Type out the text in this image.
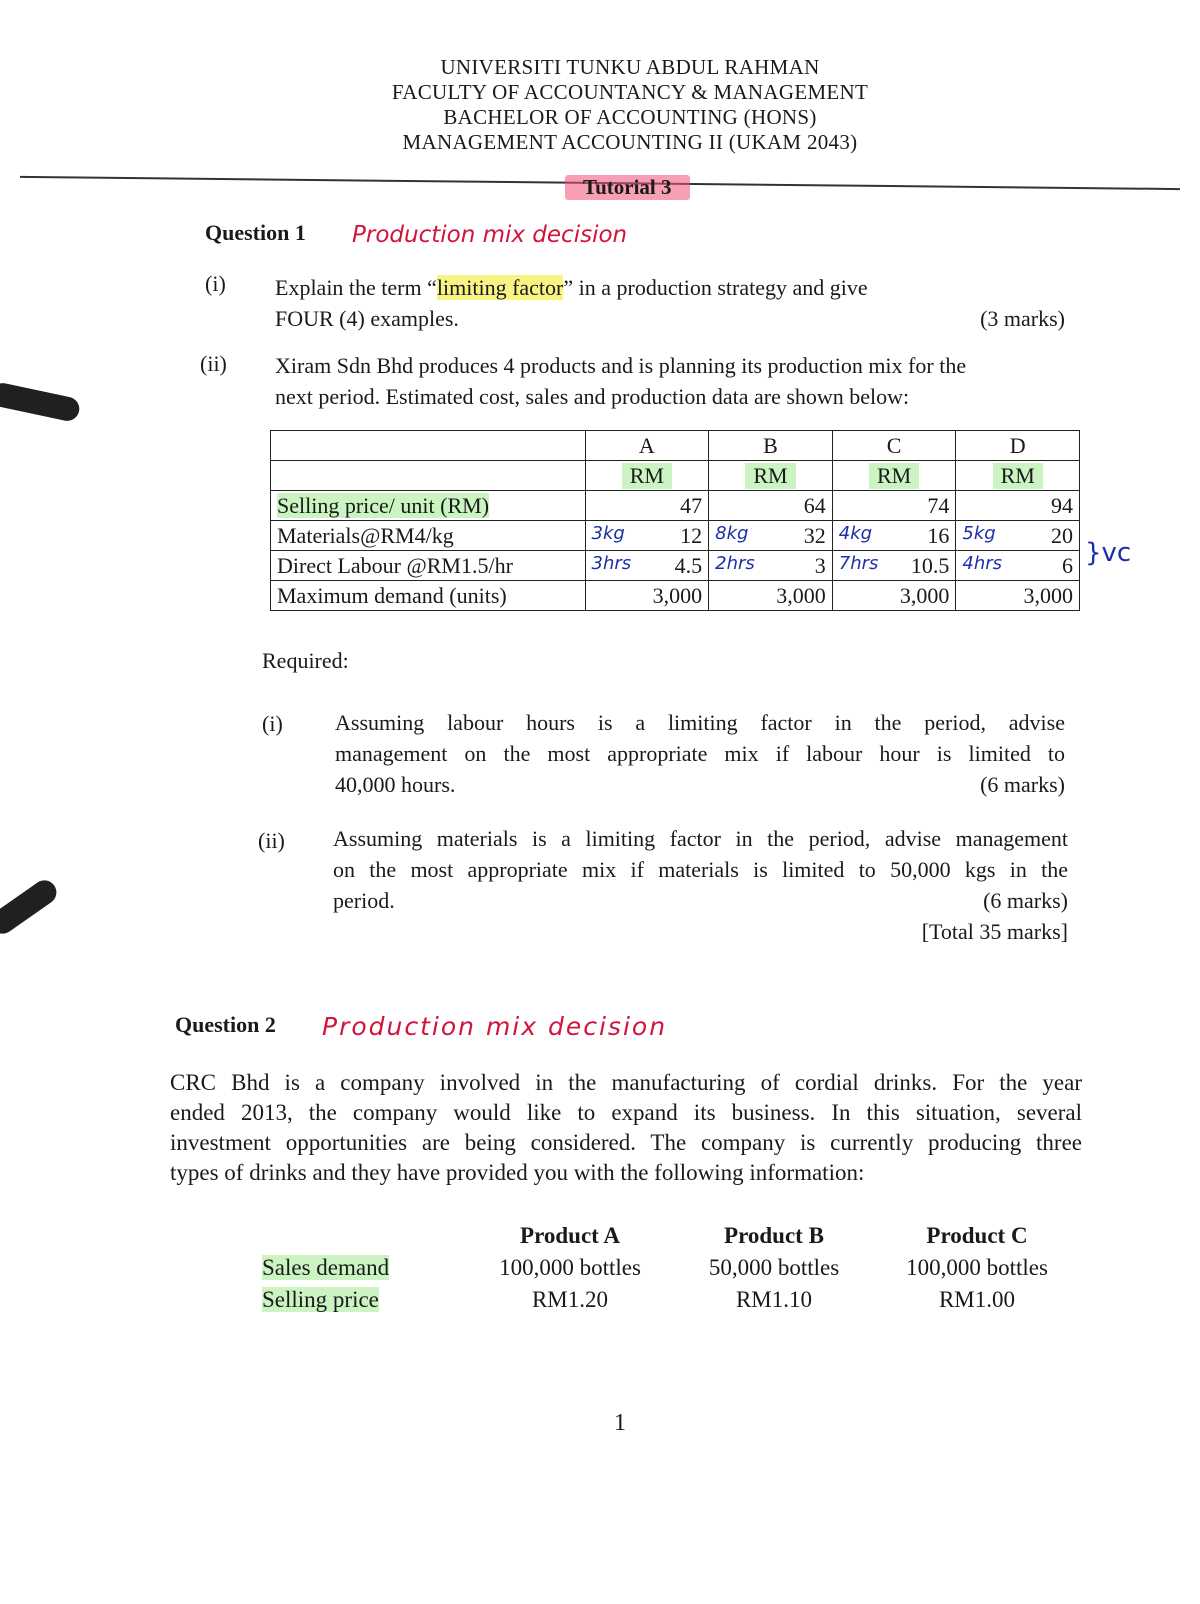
UNIVERSITI TUNKU ABDUL RAHMAN
FACULTY OF ACCOUNTANCY & MANAGEMENT
BACHELOR OF ACCOUNTING (HONS)
MANAGEMENT ACCOUNTING II (UKAM 2043)
Tutorial 3
Question 1 Production mix decision
(i) Explain the term “limiting factor” in a production strategy and give
FOUR (4) examples.	(3 marks)
(ii) Xiram Sdn Bhd produces 4 products and is planning its production mix for the
next period. Estimated cost, sales and production data are shown below:
	A	B	C	D
	RM	RM	RM	RM
Selling price/ unit (RM)	47	64	74	94
Materials@RM4/kg	3kg 12	8kg 32	4kg 16	5kg 20
Direct Labour @RM1.5/hr	3hrs 4.5	2hrs 3	7hrs 10.5	4hrs 6
Maximum demand (units)	3,000	3,000	3,000	3,000
}vc
Required:
(i) Assuming labour hours is a limiting factor in the period, advise
management on the most appropriate mix if labour hour is limited to
40,000 hours.	(6 marks)
(ii) Assuming materials is a limiting factor in the period, advise management
on the most appropriate mix if materials is limited to 50,000 kgs in the
period.	(6 marks)
[Total 35 marks]
Question 2 Production mix decision
CRC Bhd is a company involved in the manufacturing of cordial drinks. For the year
ended 2013, the company would like to expand its business. In this situation, several
investment opportunities are being considered. The company is currently producing three
types of drinks and they have provided you with the following information:
Product A	Product B	Product C
Sales demand	100,000 bottles	50,000 bottles	100,000 bottles
Selling price	RM1.20	RM1.10	RM1.00
1
